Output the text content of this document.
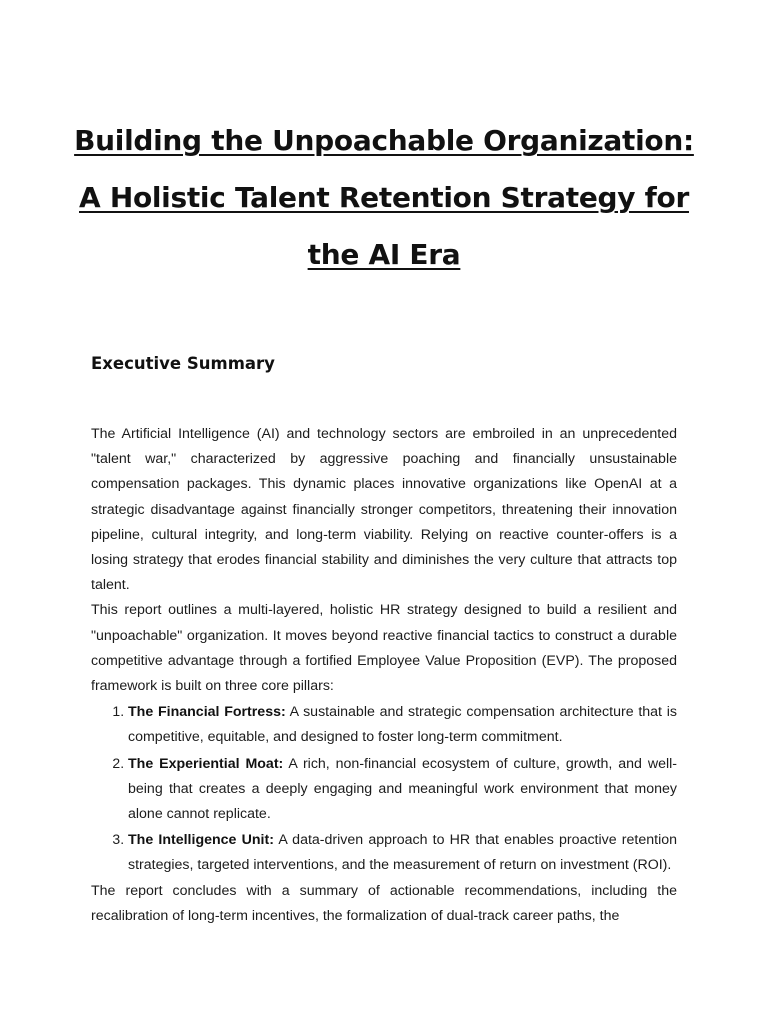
Building the Unpoachable Organization:
A Holistic Talent Retention Strategy for
the AI Era
Executive Summary

The Artificial Intelligence (AI) and technology sectors are embroiled in an unprecedented "talent war," characterized by aggressive poaching and financially unsustainable compensation packages. This dynamic places innovative organizations like OpenAI at a strategic disadvantage against financially stronger competitors, threatening their innovation pipeline, cultural integrity, and long-term viability. Relying on reactive counter-offers is a losing strategy that erodes financial stability and diminishes the very culture that attracts top talent.

This report outlines a multi-layered, holistic HR strategy designed to build a resilient and "unpoachable" organization. It moves beyond reactive financial tactics to construct a durable competitive advantage through a fortified Employee Value Proposition (EVP). The proposed framework is built on three core pillars:

1. The Financial Fortress: A sustainable and strategic compensation architecture that is competitive, equitable, and designed to foster long-term commitment.
2. The Experiential Moat: A rich, non-financial ecosystem of culture, growth, and well-being that creates a deeply engaging and meaningful work environment that money alone cannot replicate.
3. The Intelligence Unit: A data-driven approach to HR that enables proactive retention strategies, targeted interventions, and the measurement of return on investment (ROI).

The report concludes with a summary of actionable recommendations, including the recalibration of long-term incentives, the formalization of dual-track career paths, the
